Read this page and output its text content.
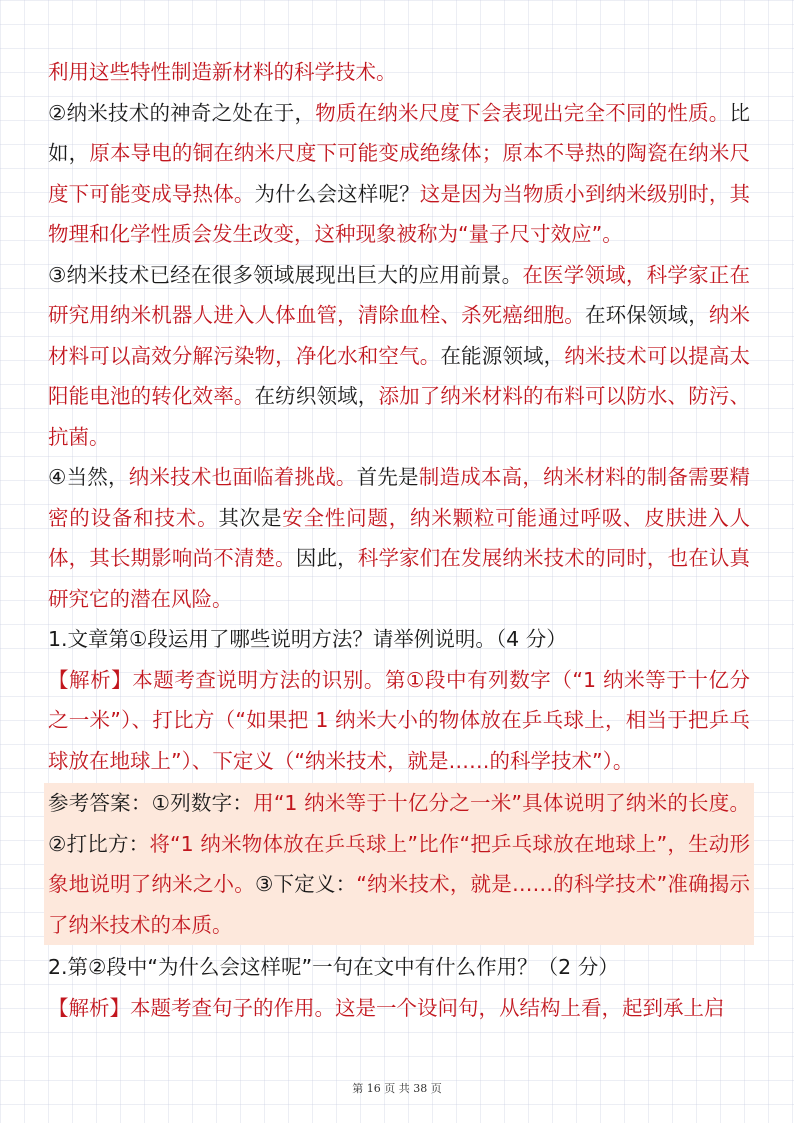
利用这些特性制造新材料的科学技术。

②纳米技术的神奇之处在于，物质在纳米尺度下会表现出完全不同的性质。比如，原本导电的铜在纳米尺度下可能变成绝缘体；原本不导热的陶瓷在纳米尺度下可能变成导热体。为什么会这样呢？这是因为当物质小到纳米级别时，其物理和化学性质会发生改变，这种现象被称为“量子尺寸效应”。

③纳米技术已经在很多领域展现出巨大的应用前景。在医学领域，科学家正在研究用纳米机器人进入人体血管，清除血栓、杀死癌细胞。在环保领域，纳米材料可以高效分解污染物，净化水和空气。在能源领域，纳米技术可以提高太阳能电池的转化效率。在纺织领域，添加了纳米材料的布料可以防水、防污、抗菌。

④当然，纳米技术也面临着挑战。首先是制造成本高，纳米材料的制备需要精密的设备和技术。其次是安全性问题，纳米颗粒可能通过呼吸、皮肤进入人体，其长期影响尚不清楚。因此，科学家们在发展纳米技术的同时，也在认真研究它的潜在风险。

1.文章第①段运用了哪些说明方法？请举例说明。（4 分）

【解析】本题考查说明方法的识别。第①段中有列数字（“1 纳米等于十亿分之一米”）、打比方（“如果把 1 纳米大小的物体放在乒乓球上，相当于把乒乓球放在地球上”）、下定义（“纳米技术，就是……的科学技术”）。

参考答案：①列数字：用“1 纳米等于十亿分之一米”具体说明了纳米的长度。②打比方：将“1 纳米物体放在乒乓球上”比作“把乒乓球放在地球上”，生动形象地说明了纳米之小。③下定义：“纳米技术，就是……的科学技术”准确揭示了纳米技术的本质。

2.第②段中“为什么会这样呢”一句在文中有什么作用？（2 分）

【解析】本题考查句子的作用。这是一个设问句，从结构上看，起到承上启

第 16 页 共 38 页
